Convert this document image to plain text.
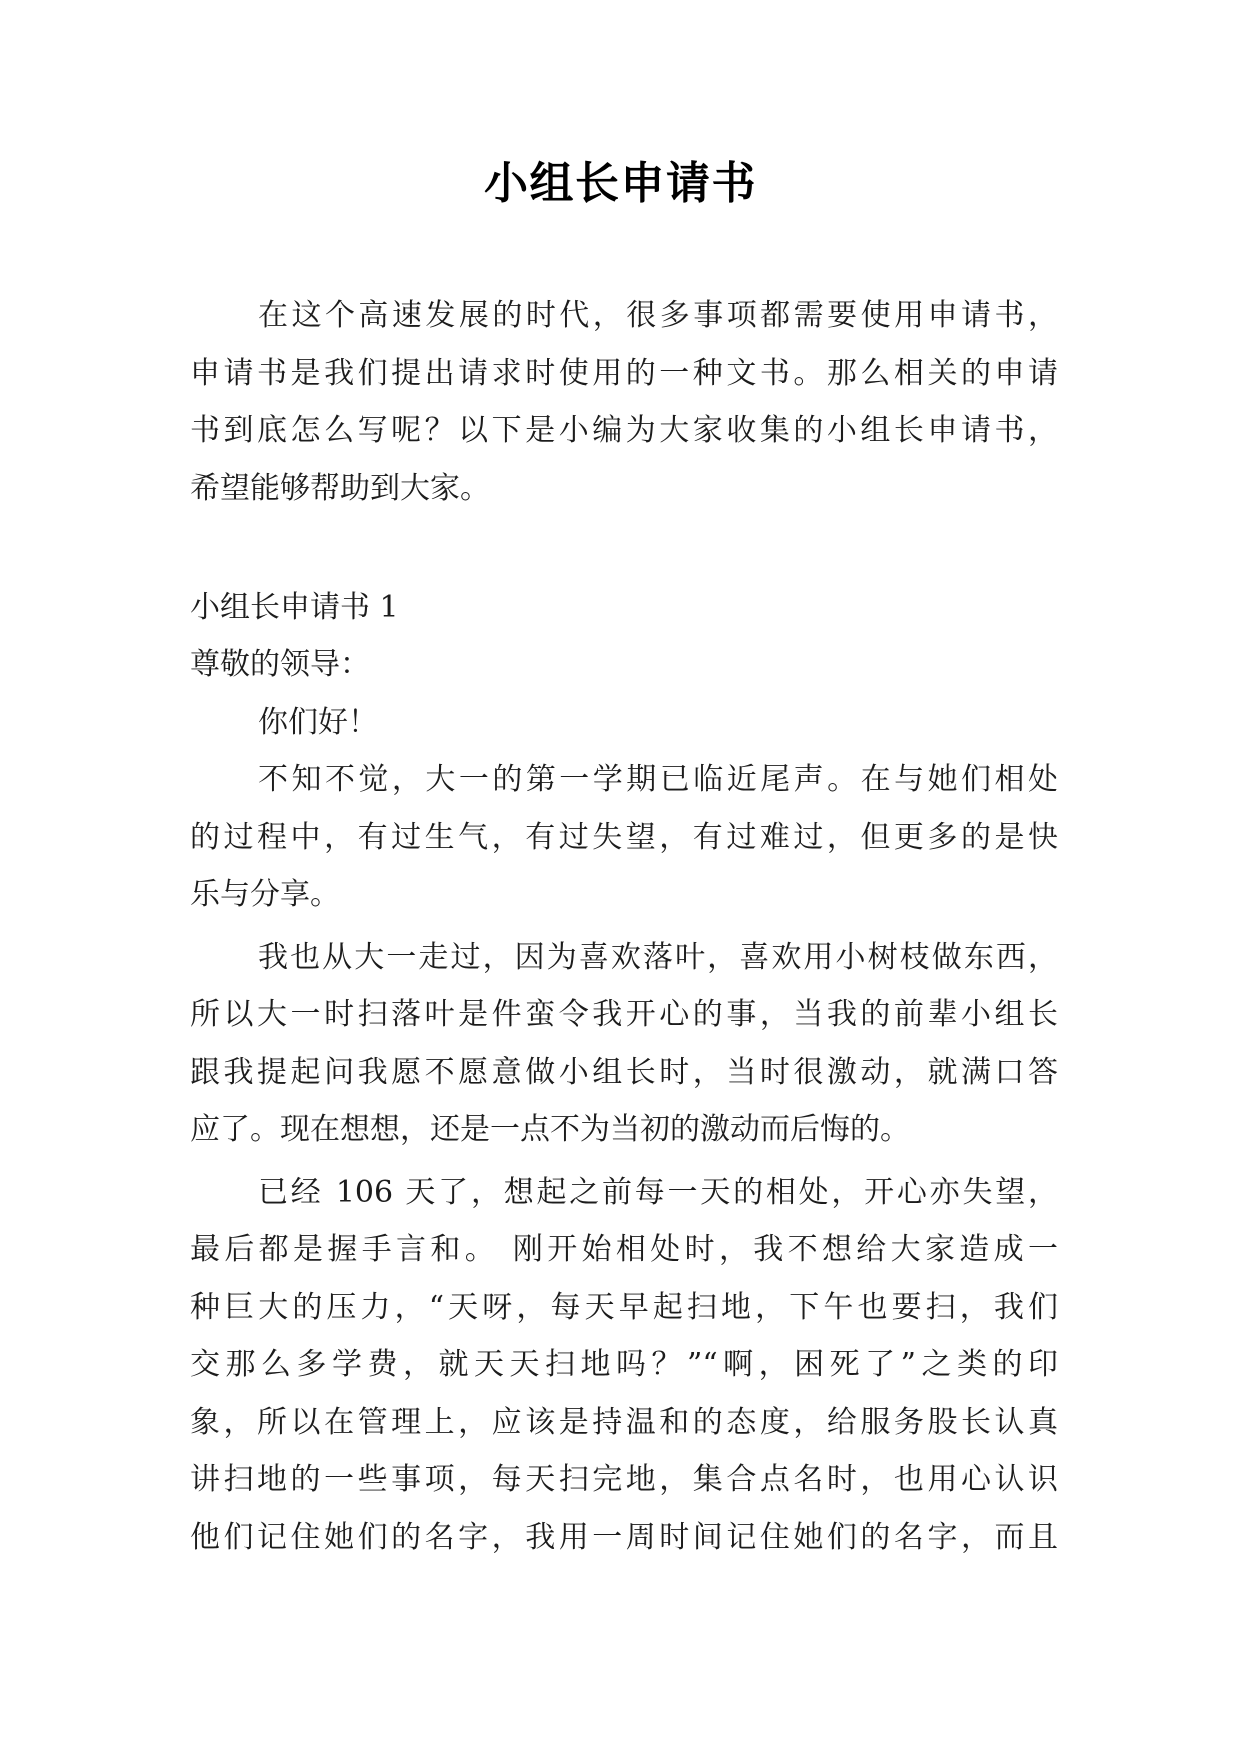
小组长申请书
在这个高速发展的时代，很多事项都需要使用申请书，
申请书是我们提出请求时使用的一种文书。那么相关的申请
书到底怎么写呢？以下是小编为大家收集的小组长申请书，
希望能够帮助到大家。
小组长申请书 1
尊敬的领导：
你们好！
不知不觉，大一的第一学期已临近尾声。在与她们相处
的过程中，有过生气，有过失望，有过难过，但更多的是快
乐与分享。
我也从大一走过，因为喜欢落叶，喜欢用小树枝做东西，
所以大一时扫落叶是件蛮令我开心的事，当我的前辈小组长
跟我提起问我愿不愿意做小组长时，当时很激动，就满口答
应了。现在想想，还是一点不为当初的激动而后悔的。
已经 106 天了，想起之前每一天的相处，开心亦失望，
最后都是握手言和。 刚开始相处时，我不想给大家造成一
种巨大的压力，“天呀，每天早起扫地，下午也要扫，我们
交那么多学费，就天天扫地吗？”“啊，困死了”之类的印
象，所以在管理上，应该是持温和的态度，给服务股长认真
讲扫地的一些事项，每天扫完地，集合点名时，也用心认识
他们记住她们的名字，我用一周时间记住她们的名字，而且
